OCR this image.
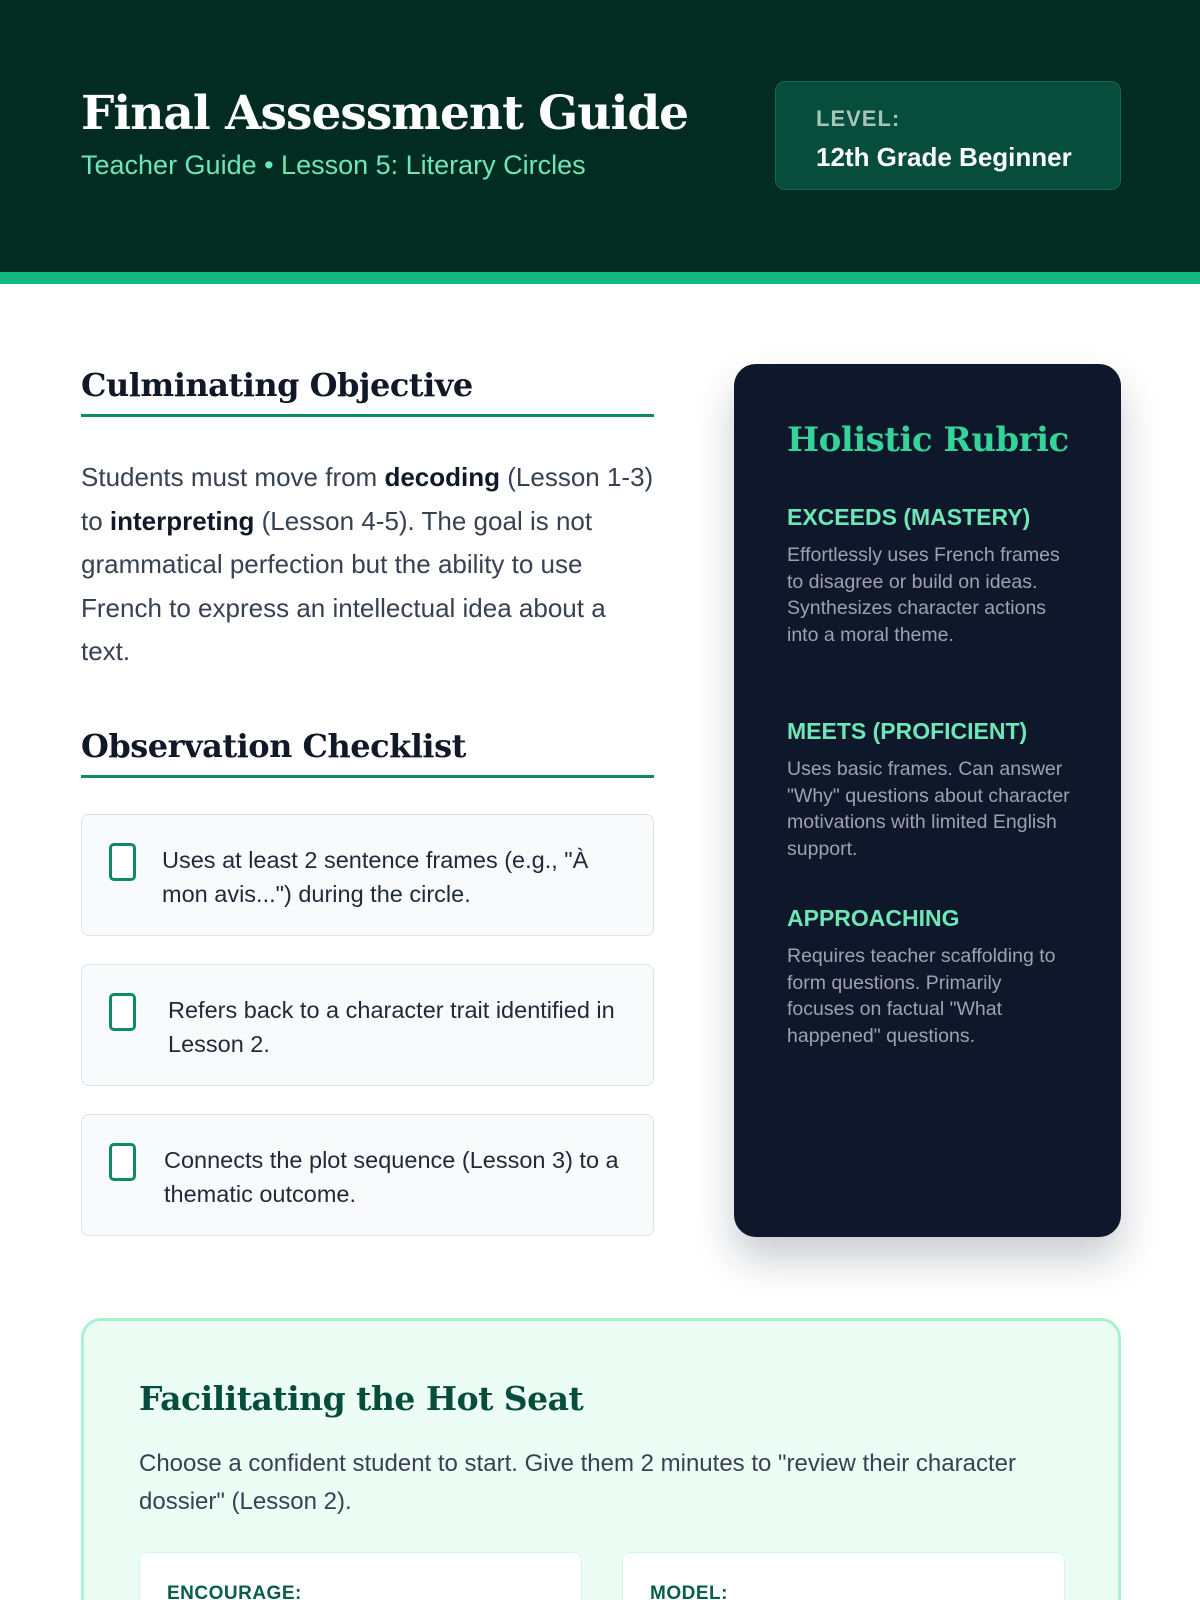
Final Assessment Guide
Teacher Guide • Lesson 5: Literary Circles
LEVEL:
12th Grade Beginner
Culminating Objective

Students must move from decoding (Lesson 1-3) to interpreting (Lesson 4-5). The goal is not grammatical perfection but the ability to use French to express an intellectual idea about a text.

Observation Checklist
Uses at least 2 sentence frames (e.g., "À mon avis...") during the circle.
Refers back to a character trait identified in Lesson 2.
Connects the plot sequence (Lesson 3) to a thematic outcome.
Holistic Rubric
EXCEEDS (MASTERY)
Effortlessly uses French frames to disagree or build on ideas. Synthesizes character actions into a moral theme.
MEETS (PROFICIENT)
Uses basic frames. Can answer "Why" questions about character motivations with limited English support.
APPROACHING
Requires teacher scaffolding to form questions. Primarily focuses on factual "What happened" questions.
Facilitating the Hot Seat

Choose a confident student to start. Give them 2 minutes to "review their character dossier" (Lesson 2).

ENCOURAGE:	MODEL:
